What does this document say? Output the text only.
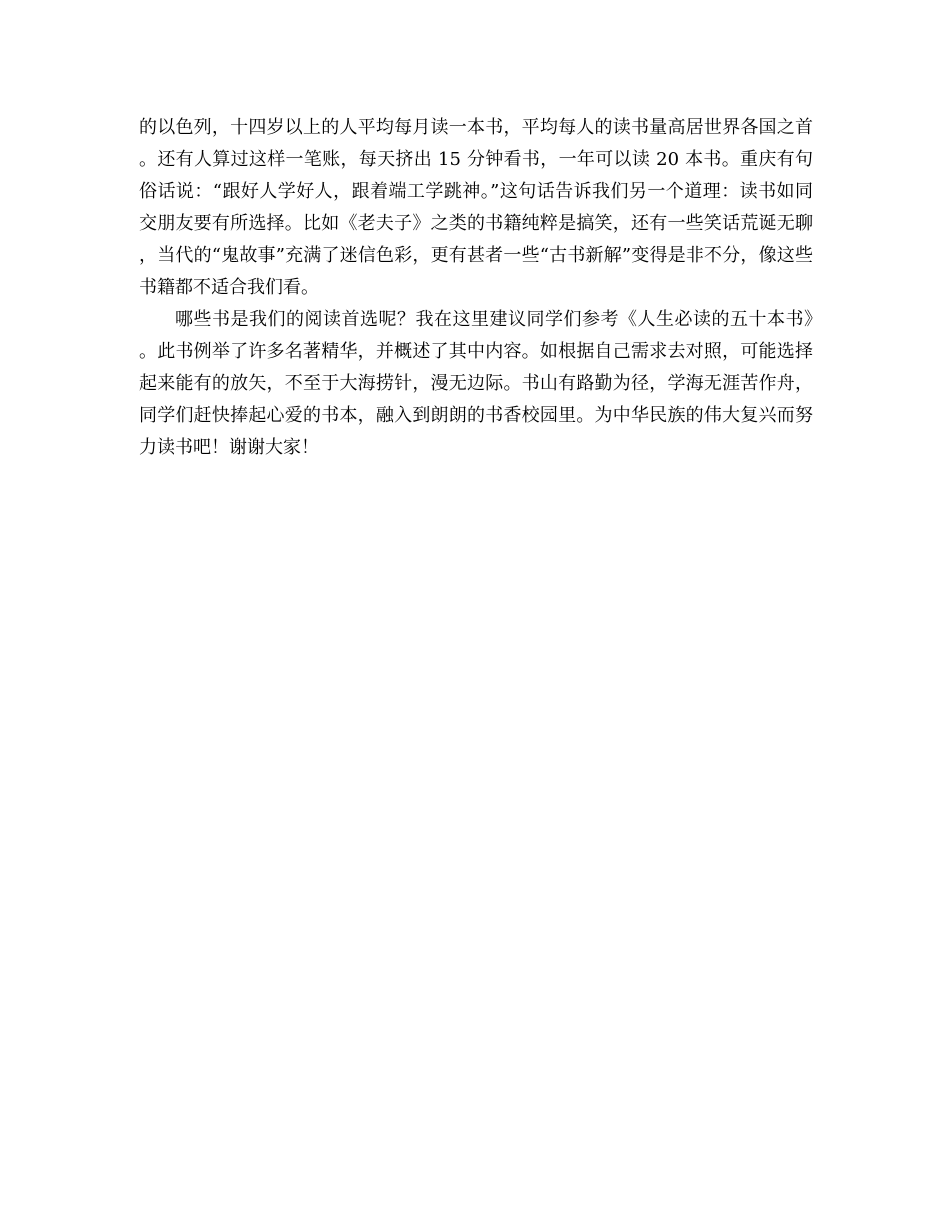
的以色列，十四岁以上的人平均每月读一本书，平均每人的读书量高居世界各国之首。还有人算过这样一笔账，每天挤出 15 分钟看书，一年可以读 20 本书。重庆有句俗话说：“跟好人学好人，跟着端工学跳神。”这句话告诉我们另一个道理：读书如同交朋友要有所选择。比如《老夫子》之类的书籍纯粹是搞笑，还有一些笑话荒诞无聊，当代的“鬼故事”充满了迷信色彩，更有甚者一些“古书新解”变得是非不分，像这些书籍都不适合我们看。

哪些书是我们的阅读首选呢？我在这里建议同学们参考《人生必读的五十本书》。此书例举了许多名著精华，并概述了其中内容。如根据自己需求去对照，可能选择起来能有的放矢，不至于大海捞针，漫无边际。书山有路勤为径，学海无涯苦作舟，同学们赶快捧起心爱的书本，融入到朗朗的书香校园里。为中华民族的伟大复兴而努力读书吧！谢谢大家！
